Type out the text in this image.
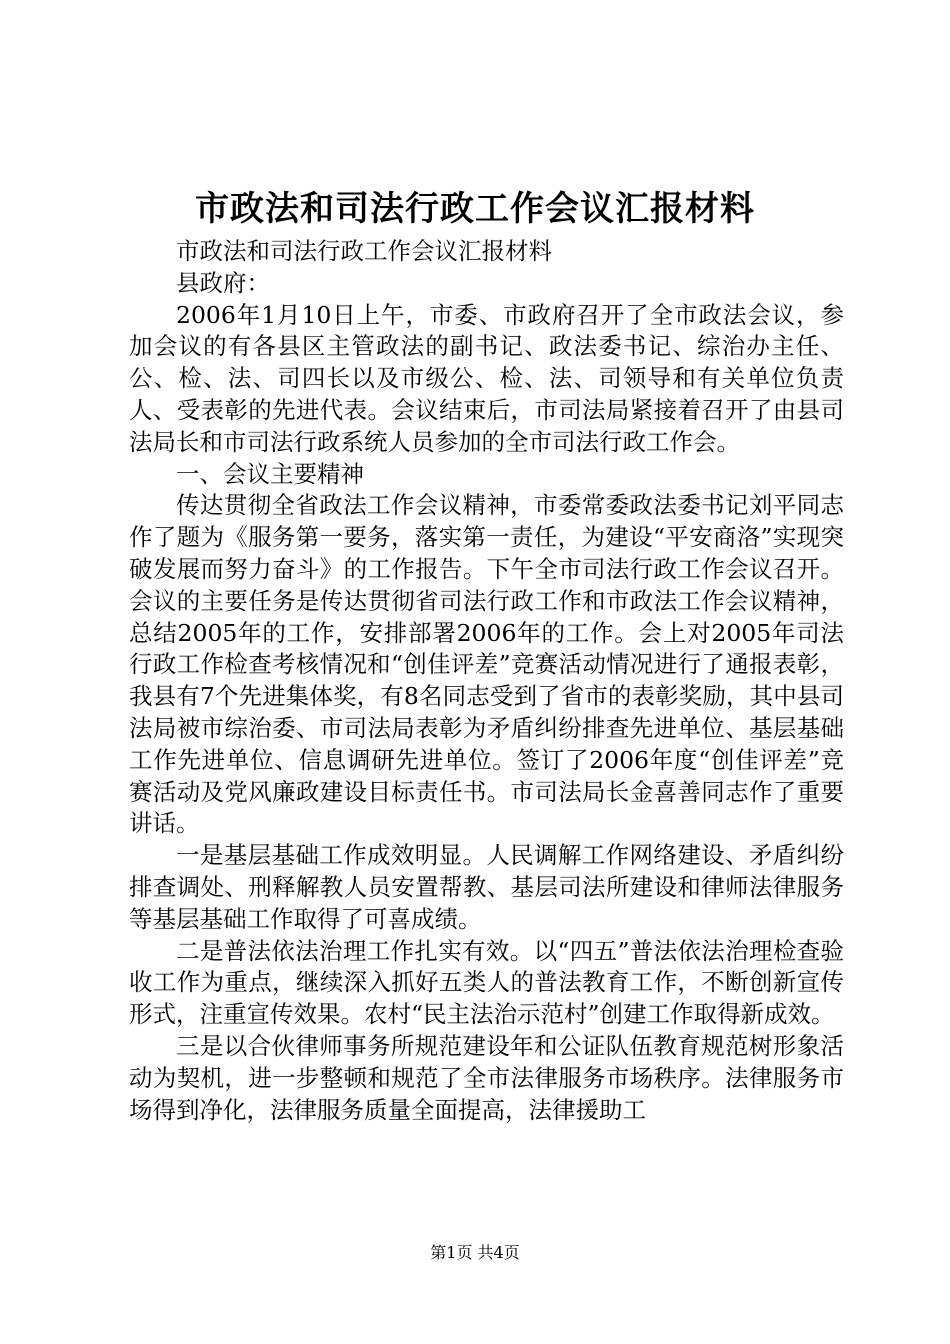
市政法和司法行政工作会议汇报材料

市政法和司法行政工作会议汇报材料

县政府：

2006年1月10日上午，市委、市政府召开了全市政法会议，参加会议的有各县区主管政法的副书记、政法委书记、综治办主任、公、检、法、司四长以及市级公、检、法、司领导和有关单位负责人、受表彰的先进代表。会议结束后，市司法局紧接着召开了由县司法局长和市司法行政系统人员参加的全市司法行政工作会。

一、会议主要精神

传达贯彻全省政法工作会议精神，市委常委政法委书记刘平同志作了题为《服务第一要务，落实第一责任，为建设“平安商洛”实现突破发展而努力奋斗》的工作报告。下午全市司法行政工作会议召开。会议的主要任务是传达贯彻省司法行政工作和市政法工作会议精神，总结2005年的工作，安排部署2006年的工作。会上对2005年司法行政工作检查考核情况和“创佳评差”竞赛活动情况进行了通报表彰，我县有7个先进集体奖，有8名同志受到了省市的表彰奖励，其中县司法局被市综治委、市司法局表彰为矛盾纠纷排查先进单位、基层基础工作先进单位、信息调研先进单位。签订了2006年度“创佳评差”竞赛活动及党风廉政建设目标责任书。市司法局长金喜善同志作了重要讲话。

一是基层基础工作成效明显。人民调解工作网络建设、矛盾纠纷排查调处、刑释解教人员安置帮教、基层司法所建设和律师法律服务等基层基础工作取得了可喜成绩。

二是普法依法治理工作扎实有效。以“四五”普法依法治理检查验收工作为重点，继续深入抓好五类人的普法教育工作，不断创新宣传形式，注重宣传效果。农村“民主法治示范村”创建工作取得新成效。

三是以合伙律师事务所规范建设年和公证队伍教育规范树形象活动为契机，进一步整顿和规范了全市法律服务市场秩序。法律服务市场得到净化，法律服务质量全面提高，法律援助工

第1页 共4页
